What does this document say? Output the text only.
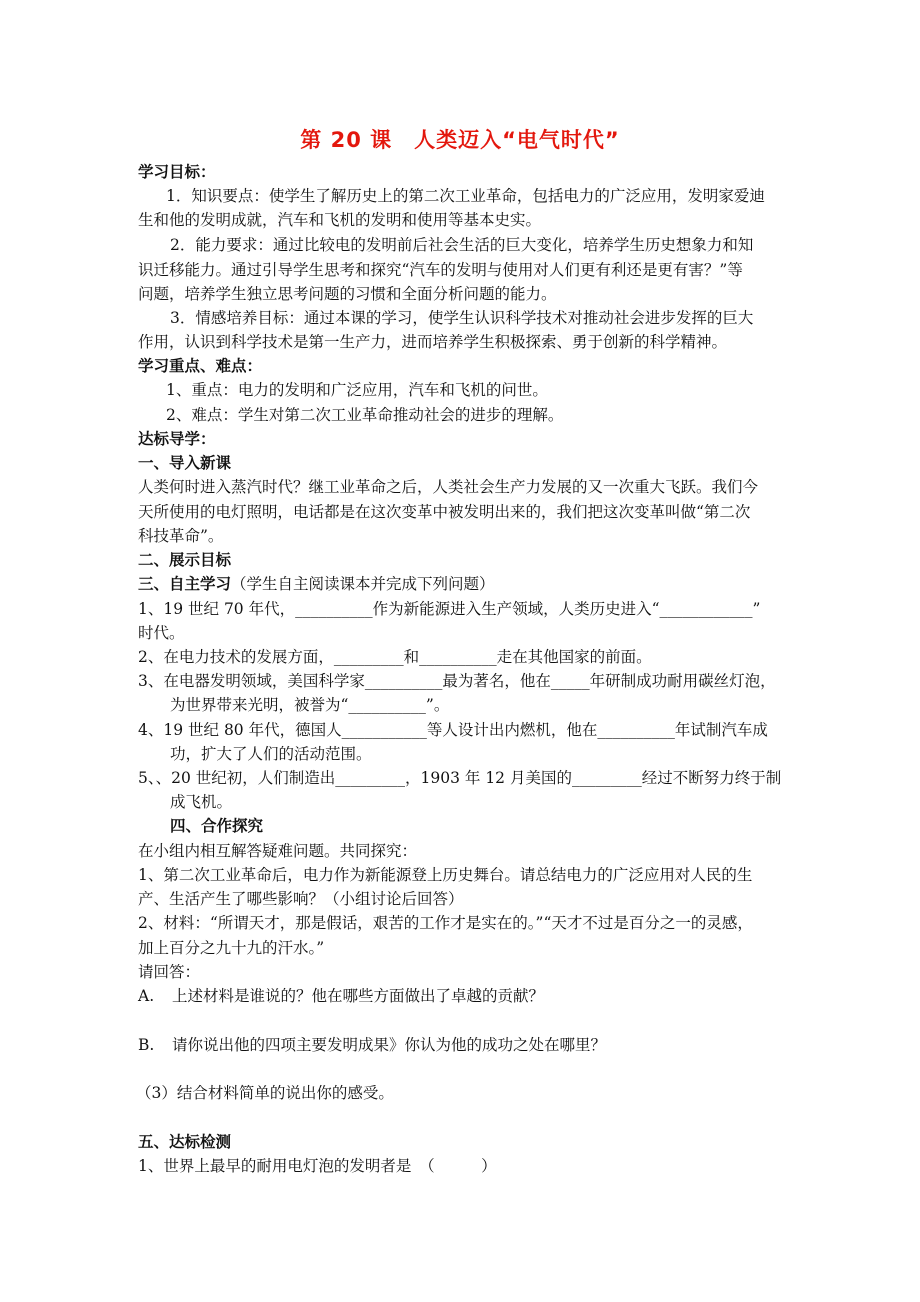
第 20 课　人类迈入“电气时代”
学习目标：
1．知识要点：使学生了解历史上的第二次工业革命，包括电力的广泛应用，发明家爱迪
生和他的发明成就，汽车和飞机的发明和使用等基本史实。
2．能力要求：通过比较电的发明前后社会生活的巨大变化，培养学生历史想象力和知
识迁移能力。通过引导学生思考和探究“汽车的发明与使用对人们更有利还是更有害？”等
问题，培养学生独立思考问题的习惯和全面分析问题的能力。
3．情感培养目标：通过本课的学习，使学生认识科学技术对推动社会进步发挥的巨大
作用，认识到科学技术是第一生产力，进而培养学生积极探索、勇于创新的科学精神。
学习重点、难点：
1、重点：电力的发明和广泛应用，汽车和飞机的问世。
2、难点：学生对第二次工业革命推动社会的进步的理解。
达标导学：
一、导入新课
人类何时进入蒸汽时代？继工业革命之后，人类社会生产力发展的又一次重大飞跃。我们今
天所使用的电灯照明，电话都是在这次变革中被发明出来的，我们把这次变革叫做“第二次
科技革命”。
二、展示目标
三、自主学习（学生自主阅读课本并完成下列问题）
1、19 世纪 70 年代，__________作为新能源进入生产领域，人类历史进入“____________”
时代。
2、在电力技术的发展方面，_________和__________走在其他国家的前面。
3、在电器发明领域，美国科学家__________最为著名，他在_____年研制成功耐用碳丝灯泡，
为世界带来光明，被誉为“__________”。
4、19 世纪 80 年代，德国人___________等人设计出内燃机，他在__________年试制汽车成
功，扩大了人们的活动范围。
5、、20 世纪初，人们制造出_________，1903 年 12 月美国的_________经过不断努力终于制
成飞机。
四、合作探究
在小组内相互解答疑难问题。共同探究：
1、第二次工业革命后，电力作为新能源登上历史舞台。请总结电力的广泛应用对人民的生
产、生活产生了哪些影响？（小组讨论后回答）
2、材料：“所谓天才，那是假话，艰苦的工作才是实在的。”“天才不过是百分之一的灵感，
加上百分之九十九的汗水。”
请回答：
A. 上述材料是谁说的？他在哪些方面做出了卓越的贡献？
B. 请你说出他的四项主要发明成果》你认为他的成功之处在哪里？
（3）结合材料简单的说出你的感受。
五、达标检测
1、世界上最早的耐用电灯泡的发明者是　（　　　）
